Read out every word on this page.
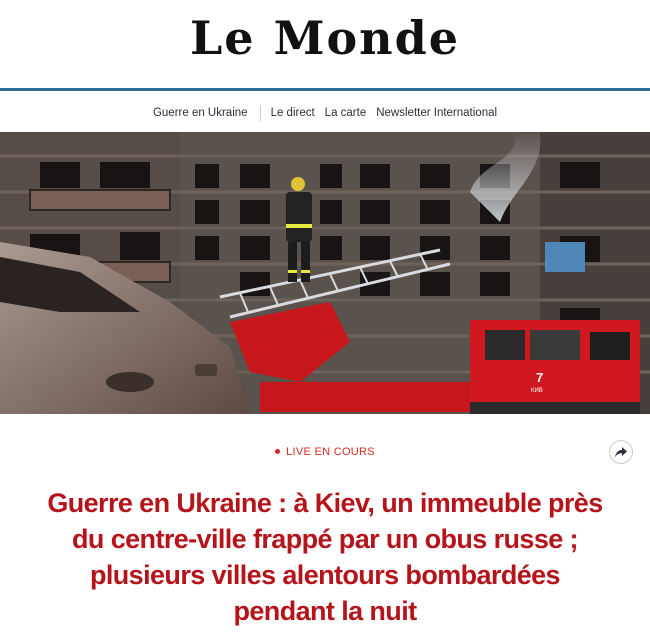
Le Monde
Guerre en Ukraine Le direct La carte Newsletter International
7
КИВ
LIVE EN COURS
Guerre en Ukraine : à Kiev, un immeuble près du centre-ville frappé par un obus russe ; plusieurs villes alentours bombardées pendant la nuit
